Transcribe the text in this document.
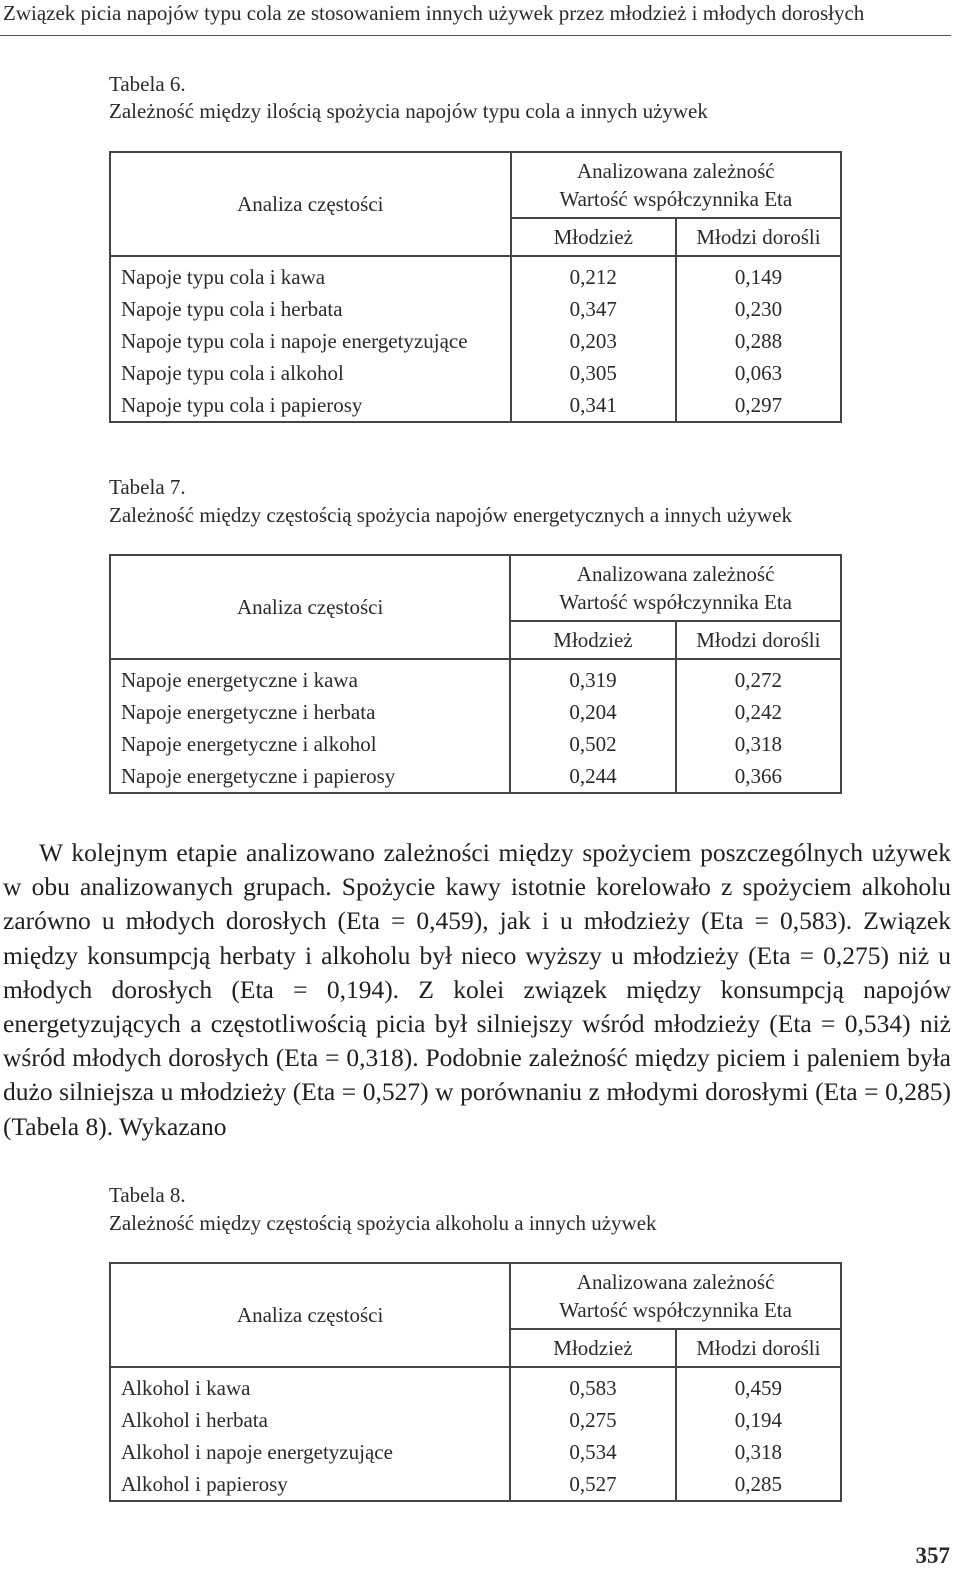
Związek picia napojów typu cola ze stosowaniem innych używek przez młodzież i młodych dorosłych
Tabela 6.
Zależność między ilością spożycia napojów typu cola a innych używek
Analiza częstości	Analizowana zależność
Wartość współczynnika Eta	

	Młodzież	Młodzi dorośli
Napoje typu cola i kawa	0,212	0,149
Napoje typu cola i herbata	0,347	0,230
Napoje typu cola i napoje energetyzujące	0,203	0,288
Napoje typu cola i alkohol	0,305	0,063
Napoje typu cola i papierosy	0,341	0,297
Tabela 7.
Zależność między częstością spożycia napojów energetycznych a innych używek
Analiza częstości	Analizowana zależność
Wartość współczynnika Eta	

	Młodzież	Młodzi dorośli
Napoje energetyczne i kawa	0,319	0,272
Napoje energetyczne i herbata	0,204	0,242
Napoje energetyczne i alkohol	0,502	0,318
Napoje energetyczne i papierosy	0,244	0,366

W kolejnym etapie analizowano zależności między spożyciem poszczególnych używek w obu analizowanych grupach. Spożycie kawy istotnie korelowało z spożyciem alkoholu zarówno u młodych dorosłych (Eta = 0,459), jak i u młodzieży (Eta = 0,583). Związek między konsumpcją herbaty i alkoholu był nieco wyższy u młodzieży (Eta = 0,275) niż u młodych dorosłych (Eta = 0,194). Z kolei związek między konsumpcją napojów energetyzujących a częstotliwością picia był silniejszy wśród młodzieży (Eta = 0,534) niż wśród młodych dorosłych (Eta = 0,318). Podobnie zależność między piciem i paleniem była dużo silniejsza u młodzieży (Eta = 0,527) w porównaniu z młodymi dorosłymi (Eta = 0,285) (Tabela 8). Wykazano

Tabela 8.
Zależność między częstością spożycia alkoholu a innych używek
Analiza częstości	Analizowana zależność
Wartość współczynnika Eta	

	Młodzież	Młodzi dorośli
Alkohol i kawa	0,583	0,459
Alkohol i herbata	0,275	0,194
Alkohol i napoje energetyzujące	0,534	0,318
Alkohol i papierosy	0,527	0,285
357
